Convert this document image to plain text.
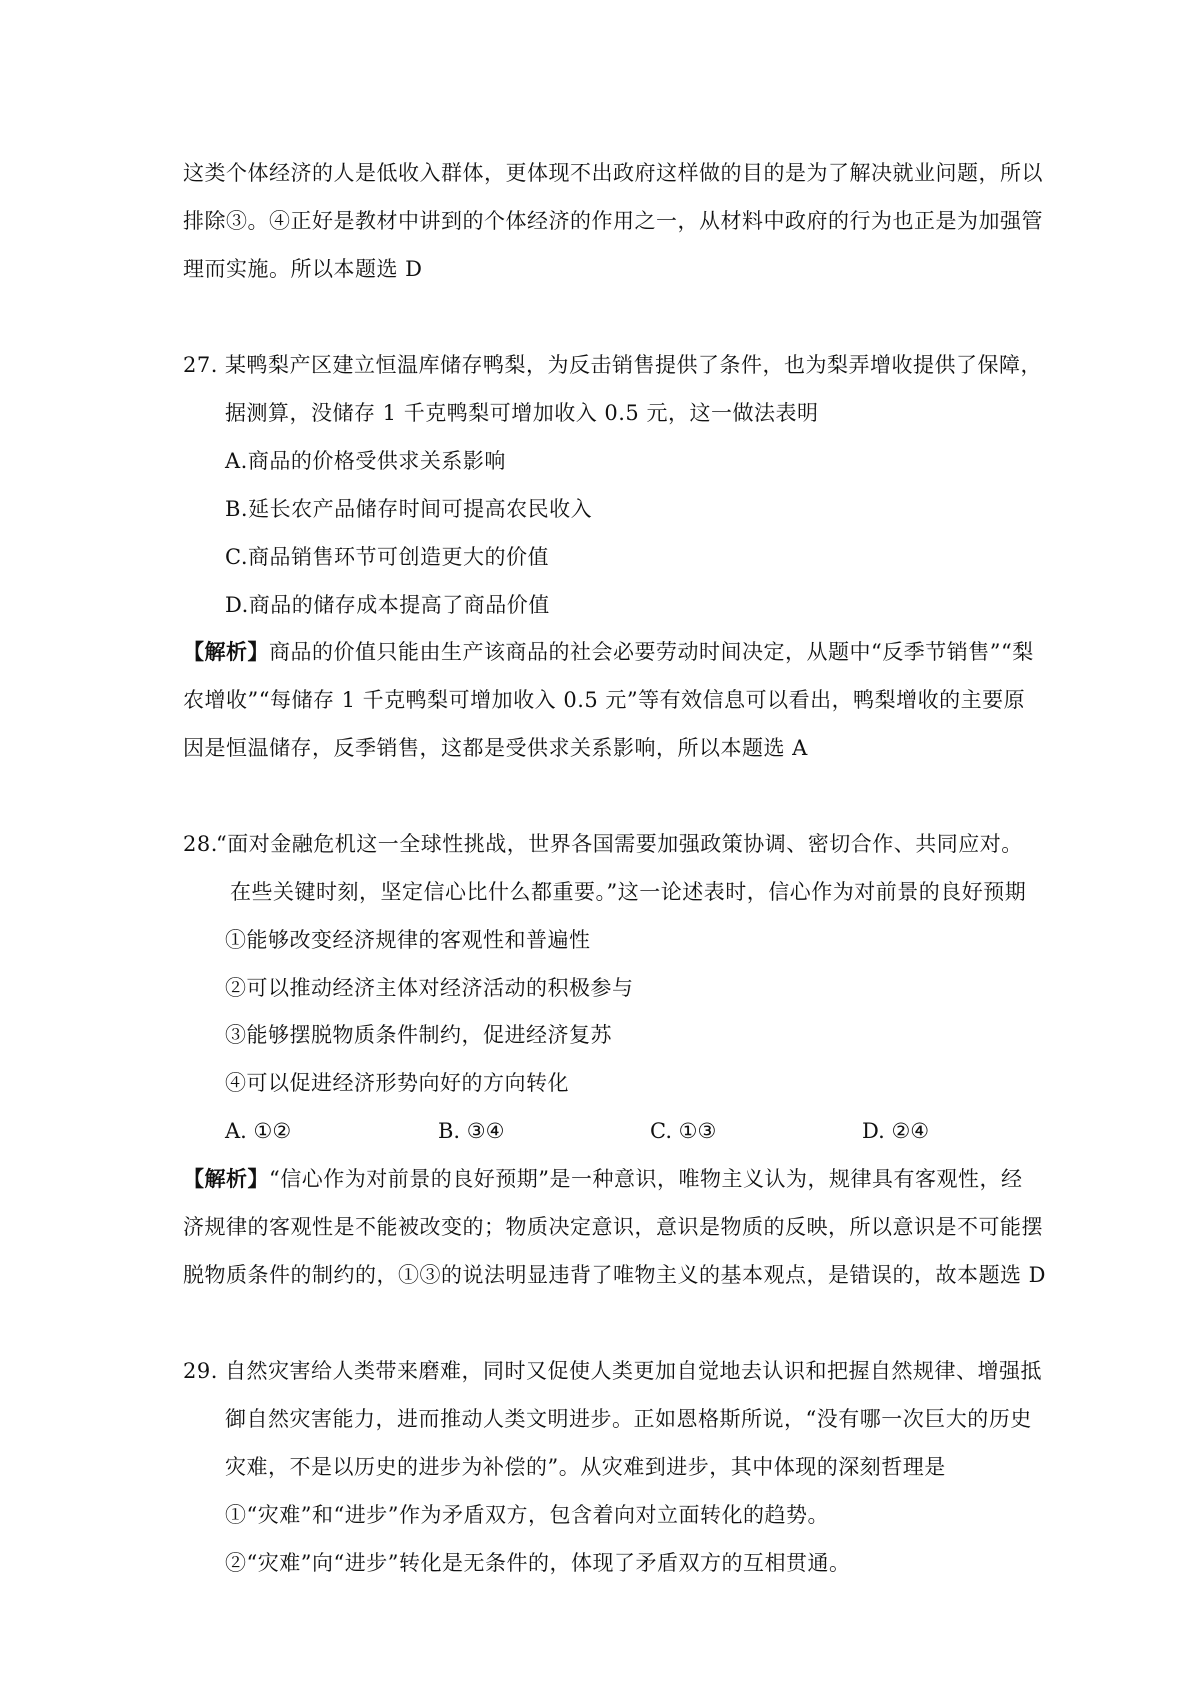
这类个体经济的人是低收入群体，更体现不出政府这样做的目的是为了解决就业问题，所以
排除③。④正好是教材中讲到的个体经济的作用之一，从材料中政府的行为也正是为加强管
理而实施。所以本题选 D
27. 某鸭梨产区建立恒温库储存鸭梨，为反击销售提供了条件，也为梨弄增收提供了保障，
据测算，没储存 1 千克鸭梨可增加收入 0.5 元，这一做法表明
A.商品的价格受供求关系影响
B.延长农产品储存时间可提高农民收入
C.商品销售环节可创造更大的价值
D.商品的储存成本提高了商品价值
【解析】商品的价值只能由生产该商品的社会必要劳动时间决定，从题中“反季节销售”“梨
农增收”“每储存 1 千克鸭梨可增加收入 0.5 元”等有效信息可以看出，鸭梨增收的主要原
因是恒温储存，反季销售，这都是受供求关系影响，所以本题选 A
28.
“面对金融危机这一全球性挑战，世界各国需要加强政策协调、密切合作、共同应对。
在些关键时刻，坚定信心比什么都重要。”这一论述表时，信心作为对前景的良好预期
①能够改变经济规律的客观性和普遍性
②可以推动经济主体对经济活动的积极参与
③能够摆脱物质条件制约，促进经济复苏
④可以促进经济形势向好的方向转化
A. ①②	B. ③④	C. ①③	D. ②④
【解析】“信心作为对前景的良好预期”是一种意识，唯物主义认为，规律具有客观性，经
济规律的客观性是不能被改变的；物质决定意识，意识是物质的反映，所以意识是不可能摆
脱物质条件的制约的，①③的说法明显违背了唯物主义的基本观点，是错误的，故本题选 D
29. 自然灾害给人类带来磨难，同时又促使人类更加自觉地去认识和把握自然规律、增强抵
御自然灾害能力，进而推动人类文明进步。正如恩格斯所说，“没有哪一次巨大的历史
灾难，不是以历史的进步为补偿的”。从灾难到进步，其中体现的深刻哲理是
①“灾难”和“进步”作为矛盾双方，包含着向对立面转化的趋势。
②“灾难”向“进步”转化是无条件的，体现了矛盾双方的互相贯通。
